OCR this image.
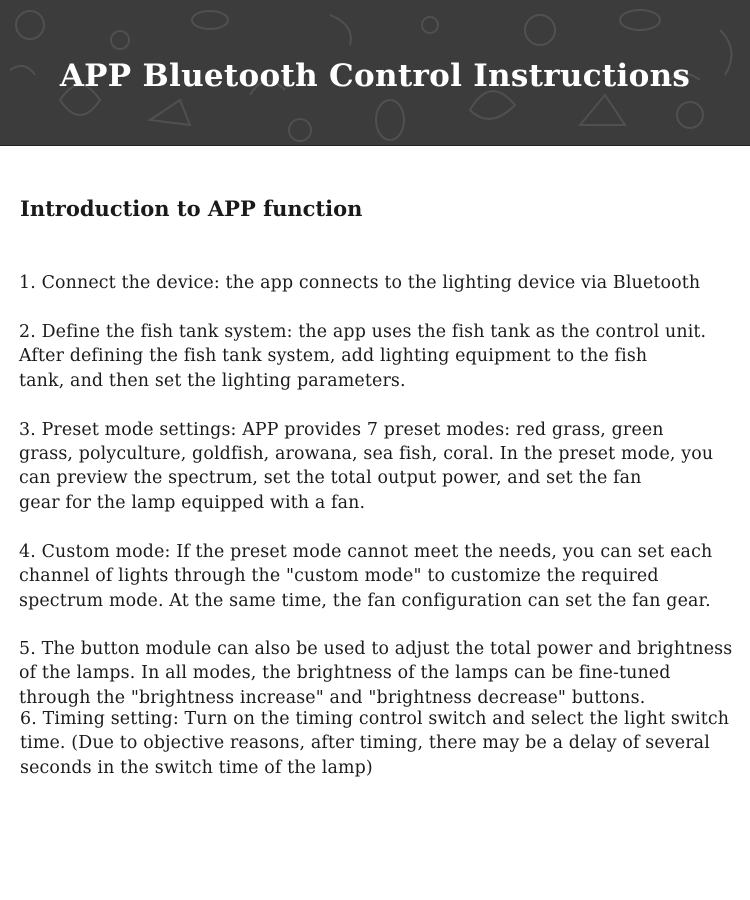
APP Bluetooth Control Instructions
Introduction to APP function
1. Connect the device: the app connects to the lighting device via Bluetooth
2. Define the fish tank system: the app uses the fish tank as the control unit.
After defining the fish tank system, add lighting equipment to the fish
tank, and then set the lighting parameters.
3. Preset mode settings: APP provides 7 preset modes: red grass, green
grass, polyculture, goldfish, arowana, sea fish, coral. In the preset mode, you
can preview the spectrum, set the total output power, and set the fan
gear for the lamp equipped with a fan.
4. Custom mode: If the preset mode cannot meet the needs, you can set each
channel of lights through the "custom mode" to customize the required
spectrum mode. At the same time, the fan configuration can set the fan gear.
5. The button module can also be used to adjust the total power and brightness
of the lamps. In all modes, the brightness of the lamps can be fine-tuned
through the "brightness increase" and "brightness decrease" buttons.
6. Timing setting: Turn on the timing control switch and select the light switch
time. (Due to objective reasons, after timing, there may be a delay of several
seconds in the switch time of the lamp)
